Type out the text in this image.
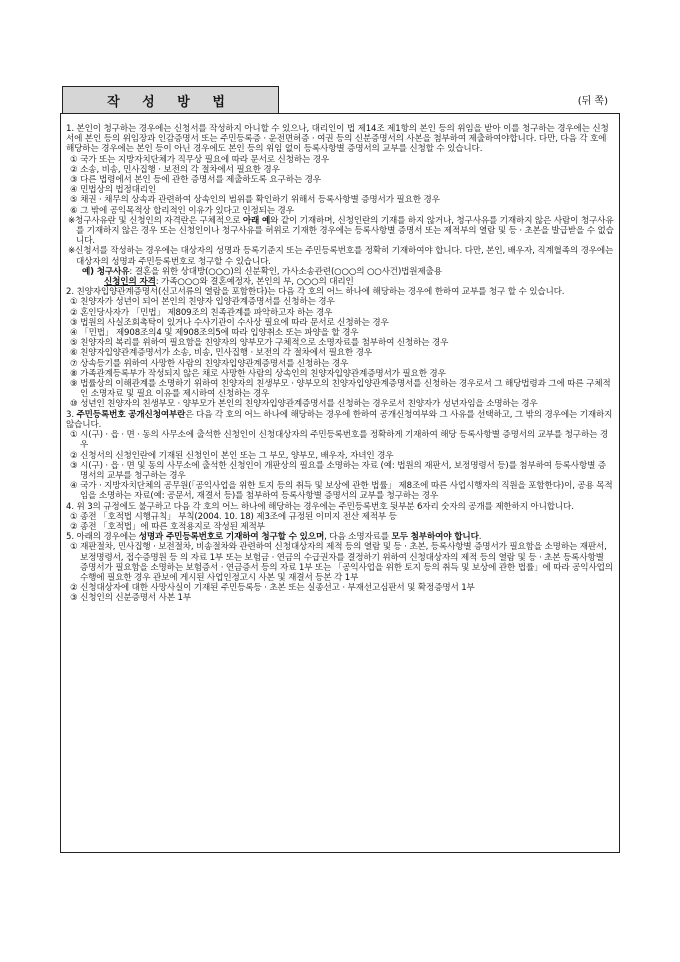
작 성 방 법	(뒤 쪽)

1. 본인이 청구하는 경우에는 신청서를 작성하지 아니할 수 있으나, 대리인이 법 제14조 제1항의 본인 등의 위임을 받아 이를 청구하는 경우에는 신청서에 본인 등의 위임장과 인감증명서 또는 주민등록증 · 운전면허증 · 여권 등의 신분증명서의 사본을 첨부하여 제출하여야합니다. 다만, 다음 각 호에 해당하는 경우에는 본인 등이 아닌 경우에도 본인 등의 위임 없이 등록사항별 증명서의 교부를 신청할 수 있습니다.

① 국가 또는 지방자치단체가 직무상 필요에 따라 문서로 신청하는 경우

② 소송, 비송, 민사집행 · 보전의 각 절차에서 필요한 경우

③ 다른 법령에서 본인 등에 관한 증명서를 제출하도록 요구하는 경우

④ 민법상의 법정대리인

⑤ 채권 · 채무의 상속과 관련하여 상속인의 범위를 확인하기 위해서 등록사항별 증명서가 필요한 경우

⑥ 그 밖에 공익목적상 합리적인 이유가 있다고 인정되는 경우

※청구사유란 및 신청인의 자격란은 구체적으로 아래 예와 같이 기재하며, 신청인란의 기재를 하지 않거나, 청구사유를 기재하지 않은 사람이 청구사유를 기재하지 않은 경우 또는 신청인이나 청구사유를 허위로 기재한 경우에는 등록사항별 증명서 또는 제적부의 열람 및 등 · 초본을 발급받을 수 없습니다.

※신청서를 작성하는 경우에는 대상자의 성명과 등록기준지 또는 주민등록번호를 정확히 기재하여야 합니다. 다만, 본인, 배우자, 직계혈족의 경우에는 대상자의 성명과 주민등록번호로 청구할 수 있습니다.

예) 청구사유: 결혼을 위한 상대방(○○○)의 신분확인, 가사소송관련(○○○의 ○○사건)법원제출용

신청인의 자격: 가족○○○와 결혼예정자, 본인의 부, ○○○의 대리인

2. 친양자입양관계증명서(신고서류의 열람을 포함한다)는 다음 각 호의 어느 하나에 해당하는 경우에 한하여 교부를 청구 할 수 있습니다.

① 친양자가 성년이 되어 본인의 친양자 입양관계증명서를 신청하는 경우

② 혼인당사자가 「민법」 제809조의 친족관계를 파악하고자 하는 경우

③ 법원의 사실조회촉탁이 있거나 수사기관이 수사상 필요에 따라 문서로 신청하는 경우

④ 「민법」 제908조의4 및 제908조의5에 따라 입양취소 또는 파양을 할 경우

⑤ 친양자의 복리를 위하여 필요함을 친양자의 양부모가 구체적으로 소명자료를 첨부하여 신청하는 경우

⑥ 친양자입양관계증명서가 소송, 비송, 민사집행 · 보전의 각 절차에서 필요한 경우

⑦ 상속등기를 위하여 사망한 사람의 친양자입양관계증명서를 신청하는 경우

⑧ 가족관계등록부가 작성되지 않은 채로 사망한 사람의 상속인의 친양자입양관계증명서가 필요한 경우

⑨ 법률상의 이해관계를 소명하기 위하여 친양자의 친생부모 · 양부모의 친양자입양관계증명서를 신청하는 경우로서 그 해당법령과 그에 따른 구체적인 소명자료 및 필요 이유를 제시하여 신청하는 경우

⑩ 성년인 친양자의 친생부모 · 양부모가 본인의 친양자입양관계증명서를 신청하는 경우로서 친양자가 성년자임을 소명하는 경우

3. 주민등록번호 공개신청여부란은 다음 각 호의 어느 하나에 해당하는 경우에 한하여 공개신청여부와 그 사유를 선택하고, 그 밖의 경우에는 기재하지 않습니다.

① 시(구) · 읍 · 면 · 동의 사무소에 출석한 신청인이 신청대상자의 주민등록번호를 정확하게 기재하여 해당 등록사항별 증명서의 교부를 청구하는 경우

② 신청서의 신청인란에 기재된 신청인이 본인 또는 그 부모, 양부모, 배우자, 자녀인 경우

③ 시(구) · 읍 · 면 및 동의 사무소에 출석한 신청인이 개판상의 필요를 소명하는 자료 (예: 법원의 재판서, 보정명령서 등)를 첨부하여 등록사항별 증명서의 교부를 청구하는 경우

④ 국가 · 지방자치단체의 공무원(「공익사업을 위한 토지 등의 취득 및 보상에 관한 법률」 제8조에 따른 사업시행자의 직원을 포함한다)이, 공용 목적임을 소명하는 자료(예: 공문서, 재결서 등)를 첨부하여 등록사항별 증명서의 교부를 청구하는 경우

4. 위 3의 규정에도 불구하고 다음 각 호의 어느 하나에 해당하는 경우에는 주민등록번호 뒷부분 6자리 숫자의 공개를 제한하지 아니합니다.

① 종전 「호적법 시행규칙」 부칙(2004. 10. 18) 제3조에 규정된 이미지 전산 제적부 등

② 종전 「호적법」에 따른 호적용지로 작성된 제적부

5. 아래의 경우에는 성명과 주민등록번호로 기재하여 청구할 수 있으며, 다음 소명자료를 모두 첨부하여야 합니다.

① 재판절차, 민사집행 · 보전절차, 비송절차와 관련하여 신청대상자의 제적 등의 열람 및 등 · 초본, 등록사항별 증명서가 필요함을 소명하는 재판서, 보정명령서, 접수증명원 등 의 자료 1부 또는 보험금 · 연금의 수급권자를 결정하기 위하여 신청대상자의 제적 등의 열람 및 등 · 초본 등록사항별 증명서가 필요함을 소명하는 보험증서 · 연금증서 등의 자료 1부 또는 「공익사업을 위한 토지 등의 취득 및 보상에 관한 법률」에 따라 공익사업의 수행에 필요한 경우 관보에 게시된 사업인정고시 사본 및 재결서 등본 각 1부

② 신청대상자에 대한 사망사실이 기재된 주민등록등 · 초본 또는 실종선고 · 부재선고심판서 및 확정증명서 1부

③ 신청인의 신분증명서 사본 1부
